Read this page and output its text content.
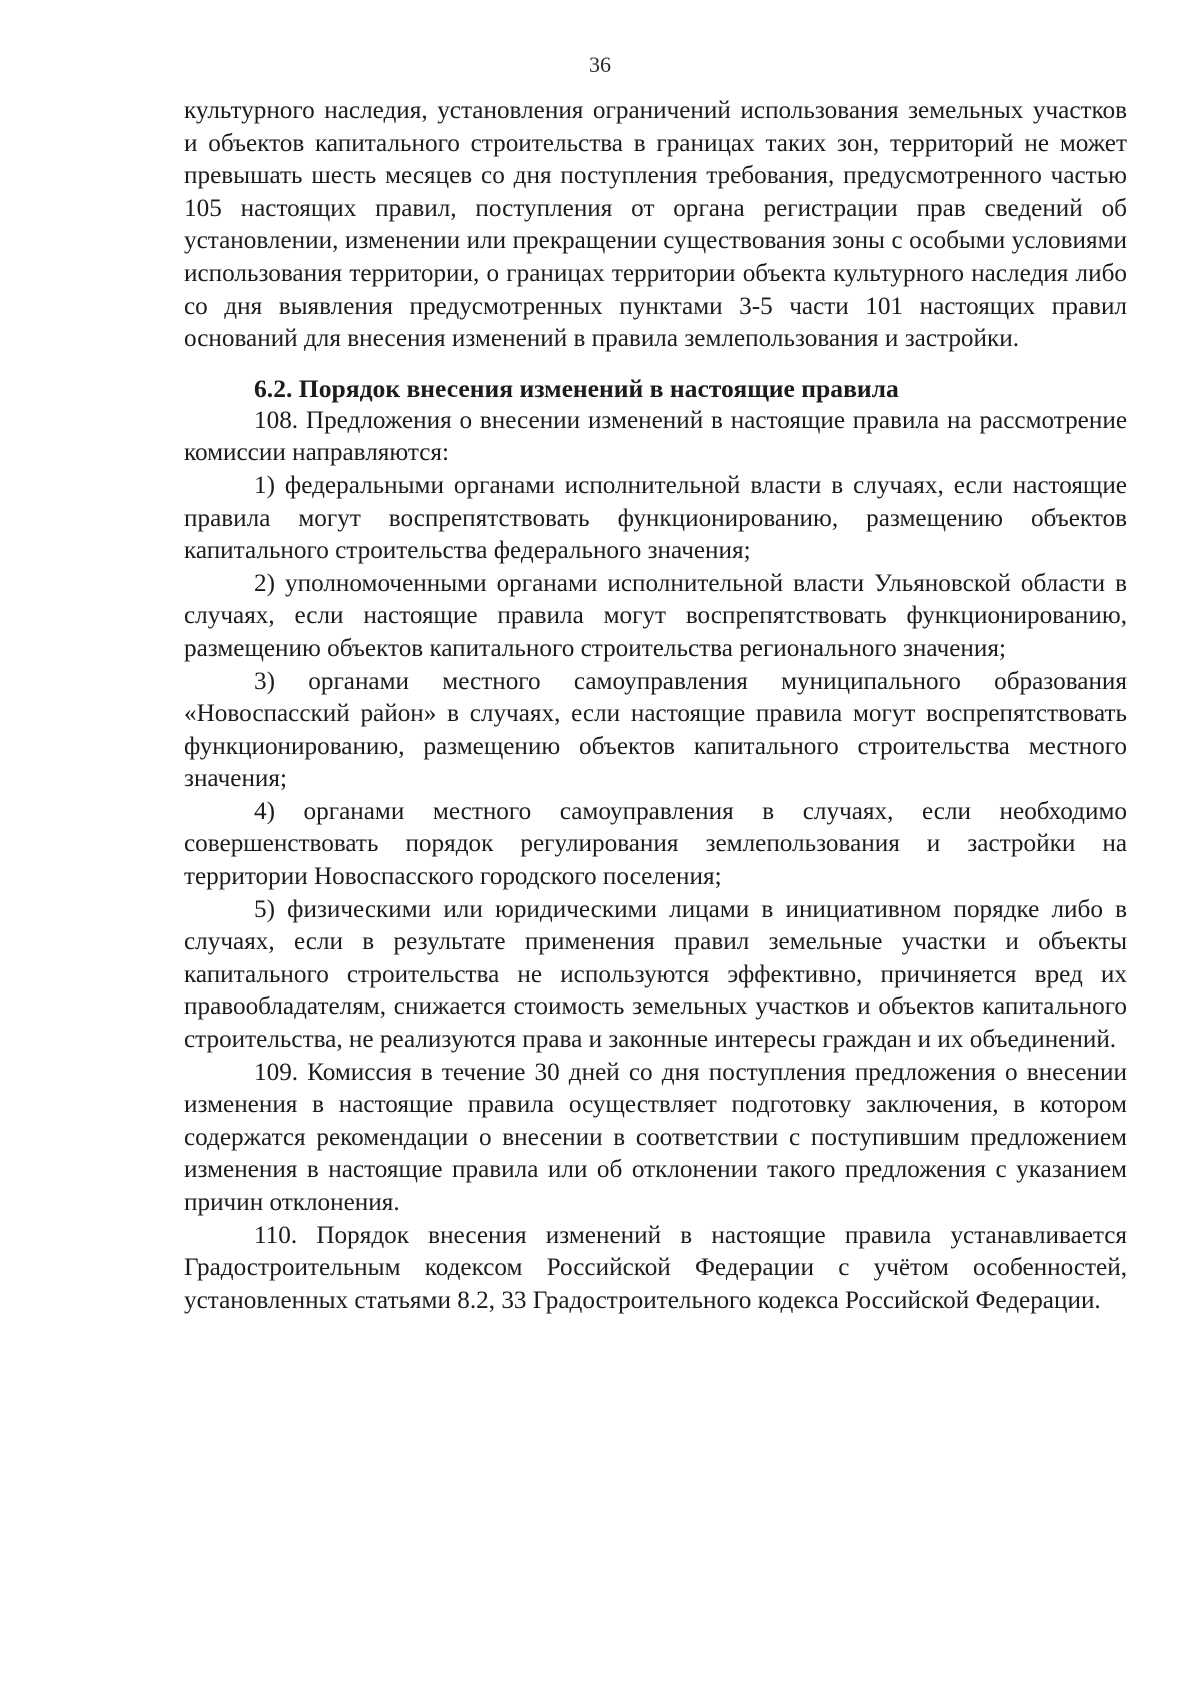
36

культурного наследия, установления ограничений использования земельных участков и объектов капитального строительства в границах таких зон, территорий не может превышать шесть месяцев со дня поступления требования, предусмотренного частью 105 настоящих правил, поступления от органа регистрации прав сведений об установлении, изменении или прекращении существования зоны с особыми условиями использования территории, о границах территории объекта культурного наследия либо со дня выявления предусмотренных пунктами 3-5 части 101 настоящих правил оснований для внесения изменений в правила землепользования и застройки.

6.2. Порядок внесения изменений в настоящие правила

108. Предложения о внесении изменений в настоящие правила на рассмотрение комиссии направляются:

1) федеральными органами исполнительной власти в случаях, если настоящие правила могут воспрепятствовать функционированию, размещению объектов капитального строительства федерального значения;

2) уполномоченными органами исполнительной власти Ульяновской области в случаях, если настоящие правила могут воспрепятствовать функционированию, размещению объектов капитального строительства регионального значения;

3) органами местного самоуправления муниципального образования «Новоспасский район» в случаях, если настоящие правила могут воспрепятствовать функционированию, размещению объектов капитального строительства местного значения;

4) органами местного самоуправления в случаях, если необходимо совершенствовать порядок регулирования землепользования и застройки на территории Новоспасского городского поселения;

5) физическими или юридическими лицами в инициативном порядке либо в случаях, если в результате применения правил земельные участки и объекты капитального строительства не используются эффективно, причиняется вред их правообладателям, снижается стоимость земельных участков и объектов капитального строительства, не реализуются права и законные интересы граждан и их объединений.

109. Комиссия в течение 30 дней со дня поступления предложения о внесении изменения в настоящие правила осуществляет подготовку заключения, в котором содержатся рекомендации о внесении в соответствии с поступившим предложением изменения в настоящие правила или об отклонении такого предложения с указанием причин отклонения.

110. Порядок внесения изменений в настоящие правила устанавливается Градостроительным кодексом Российской Федерации с учётом особенностей, установленных статьями 8.2, 33 Градостроительного кодекса Российской Федерации.
